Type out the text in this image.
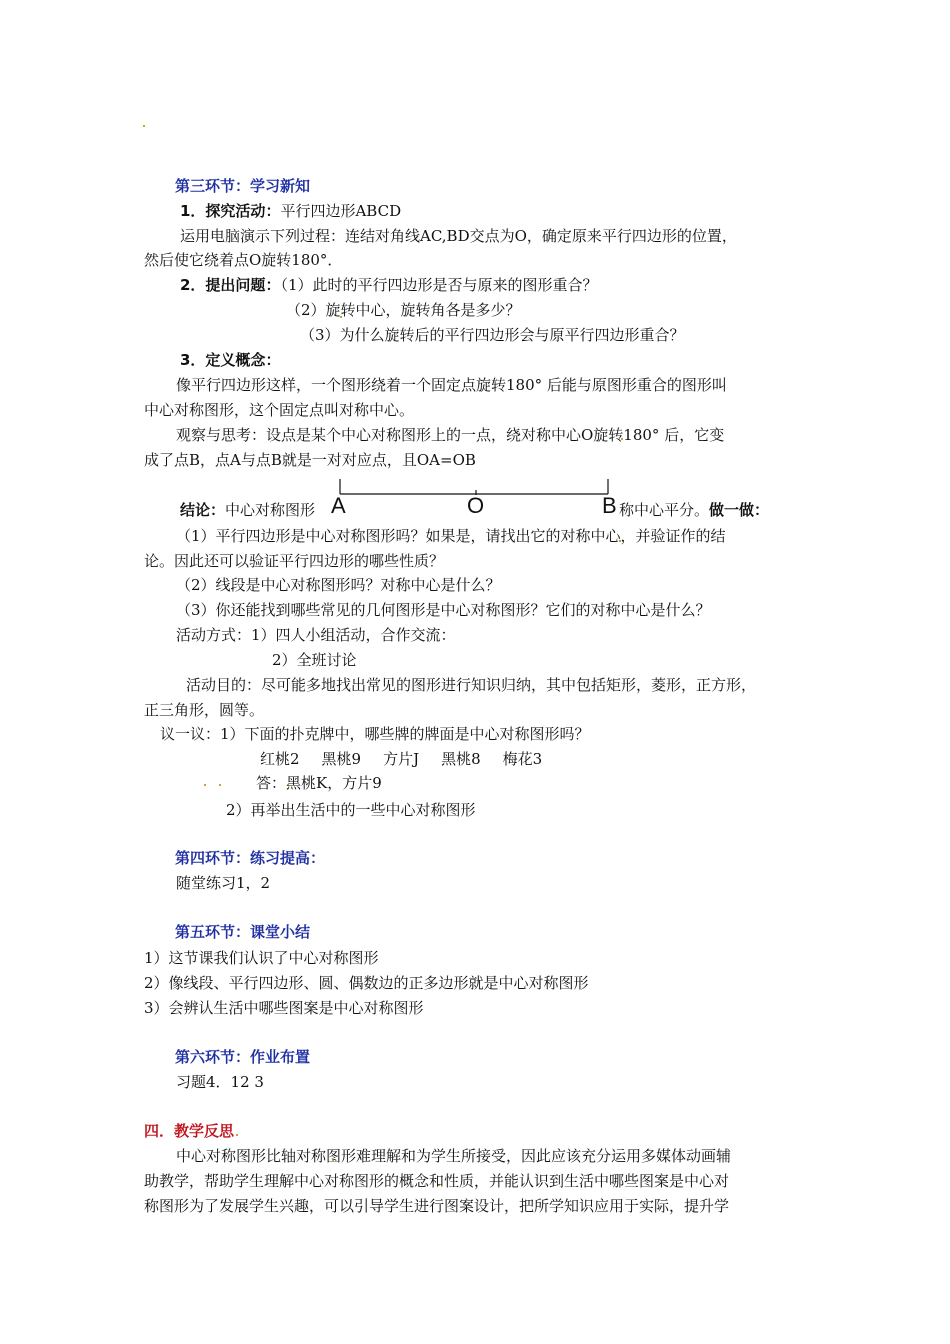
第三环节：学习新知
1．探究活动：平行四边形ABCD
运用电脑演示下列过程：连结对角线AC,BD交点为O，确定原来平行四边形的位置，
然后使它绕着点O旋转180°．
2．提出问题：（1）此时的平行四边形是否与原来的图形重合？
（2）旋转中心，旋转角各是多少？
（3）为什么旋转后的平行四边形会与原平行四边形重合？
3．定义概念：
像平行四边形这样，一个图形绕着一个固定点旋转180° 后能与原图形重合的图形叫
中心对称图形，这个固定点叫对称中心。
观察与思考：设点是某个中心对称图形上的一点，绕对称中心O旋转180° 后，它变
成了点B，点A与点B就是一对对应点，且OA=OB
结论：中心对称图形	称中心平分。做一做：
A	O	B
（1）平行四边形是中心对称图形吗？如果是，请找出它的对称中心，并验证作的结
论。因此还可以验证平行四边形的哪些性质？
（2）线段是中心对称图形吗？对称中心是什么？
（3）你还能找到哪些常见的几何图形是中心对称图形？它们的对称中心是什么？
活动方式：1）四人小组活动，合作交流：
2）全班讨论
活动目的：尽可能多地找出常见的图形进行知识归纳，其中包括矩形，菱形，正方形，
正三角形，圆等。
议一议：1）下面的扑克牌中，哪些牌的牌面是中心对称图形吗？
红桃2 黑桃9 方片J 黑桃8 梅花3
答：黑桃K，方片9
2）再举出生活中的一些中心对称图形
第四环节：练习提高：
随堂练习1，2
第五环节：课堂小结
1）这节课我们认识了中心对称图形
2）像线段、平行四边形、圆、偶数边的正多边形就是中心对称图形
3）会辨认生活中哪些图案是中心对称图形
第六环节：作业布置
习题4．12 3
四．教学反思
中心对称图形比轴对称图形难理解和为学生所接受，因此应该充分运用多媒体动画辅
助教学，帮助学生理解中心对称图形的概念和性质，并能认识到生活中哪些图案是中心对
称图形为了发展学生兴趣，可以引导学生进行图案设计，把所学知识应用于实际，提升学
